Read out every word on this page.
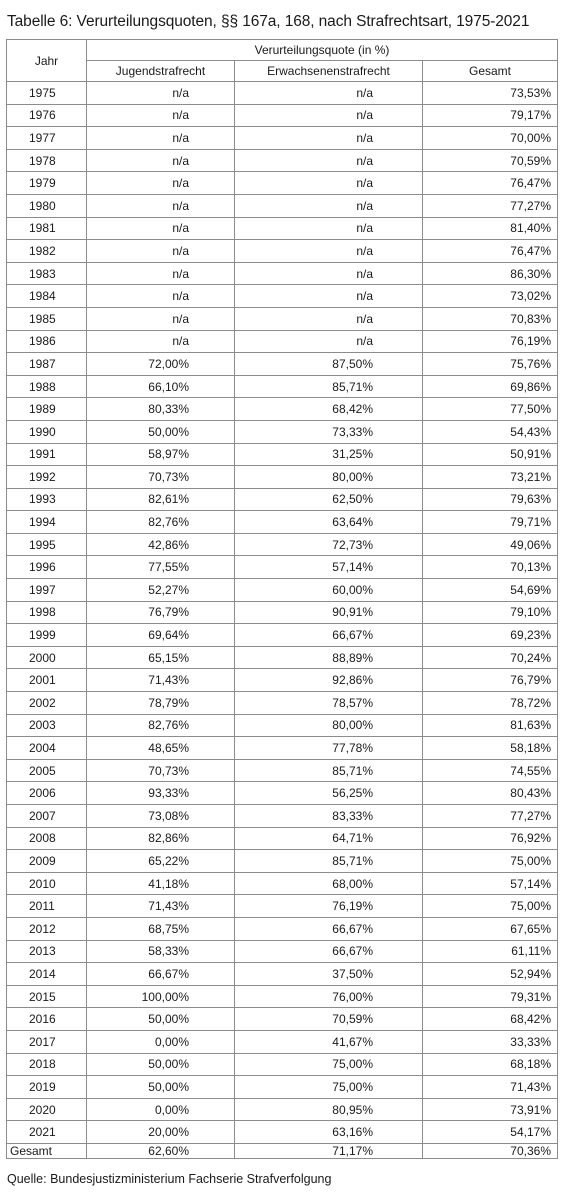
Tabelle 6: Verurteilungsquoten, §§ 167a, 168, nach Strafrechtsart, 1975-2021
Jahr	Verurteilungsquote (in %)		
	Jugendstrafrecht	Erwachsenenstrafrecht	Gesamt
1975	n/a	n/a	73,53%
1976	n/a	n/a	79,17%
1977	n/a	n/a	70,00%
1978	n/a	n/a	70,59%
1979	n/a	n/a	76,47%
1980	n/a	n/a	77,27%
1981	n/a	n/a	81,40%
1982	n/a	n/a	76,47%
1983	n/a	n/a	86,30%
1984	n/a	n/a	73,02%
1985	n/a	n/a	70,83%
1986	n/a	n/a	76,19%
1987	72,00%	87,50%	75,76%
1988	66,10%	85,71%	69,86%
1989	80,33%	68,42%	77,50%
1990	50,00%	73,33%	54,43%
1991	58,97%	31,25%	50,91%
1992	70,73%	80,00%	73,21%
1993	82,61%	62,50%	79,63%
1994	82,76%	63,64%	79,71%
1995	42,86%	72,73%	49,06%
1996	77,55%	57,14%	70,13%
1997	52,27%	60,00%	54,69%
1998	76,79%	90,91%	79,10%
1999	69,64%	66,67%	69,23%
2000	65,15%	88,89%	70,24%
2001	71,43%	92,86%	76,79%
2002	78,79%	78,57%	78,72%
2003	82,76%	80,00%	81,63%
2004	48,65%	77,78%	58,18%
2005	70,73%	85,71%	74,55%
2006	93,33%	56,25%	80,43%
2007	73,08%	83,33%	77,27%
2008	82,86%	64,71%	76,92%
2009	65,22%	85,71%	75,00%
2010	41,18%	68,00%	57,14%
2011	71,43%	76,19%	75,00%
2012	68,75%	66,67%	67,65%
2013	58,33%	66,67%	61,11%
2014	66,67%	37,50%	52,94%
2015	100,00%	76,00%	79,31%
2016	50,00%	70,59%	68,42%
2017	0,00%	41,67%	33,33%
2018	50,00%	75,00%	68,18%
2019	50,00%	75,00%	71,43%
2020	0,00%	80,95%	73,91%
2021	20,00%	63,16%	54,17%
Gesamt	62,60%	71,17%	70,36%
Quelle: Bundesjustizministerium Fachserie Strafverfolgung
